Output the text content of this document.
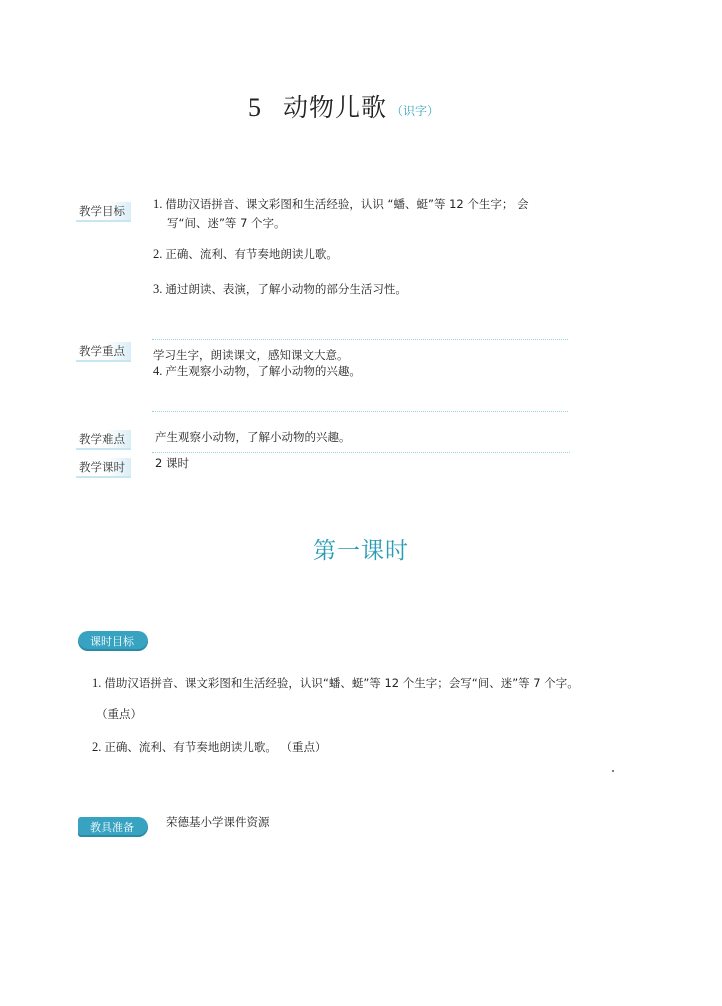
5 动物儿歌 （识字）
教学目标	1. 借助汉语拼音、课文彩图和生活经验，认识 “蟠、蜓”等 12 个生字； 会
写“间、迷”等 7 个字。
2. 正确、流利、有节奏地朗读儿歌。
3. 通过朗读、表演，了解小动物的部分生活习性。
教学重点	学习生字，朗读课文，感知课文大意。
4. 产生观察小动物，了解小动物的兴趣。
教学难点	产生观察小动物，了解小动物的兴趣。
教学课时	2 课时
第一课时
课时目标
1. 借助汉语拼音、课文彩图和生活经验，认识“蟠、蜓”等 12 个生字；会写“间、迷”等 7 个字。
（重点）
2. 正确、流利、有节奏地朗读儿歌。 （重点）
教具准备	荣德基小学课件资源
